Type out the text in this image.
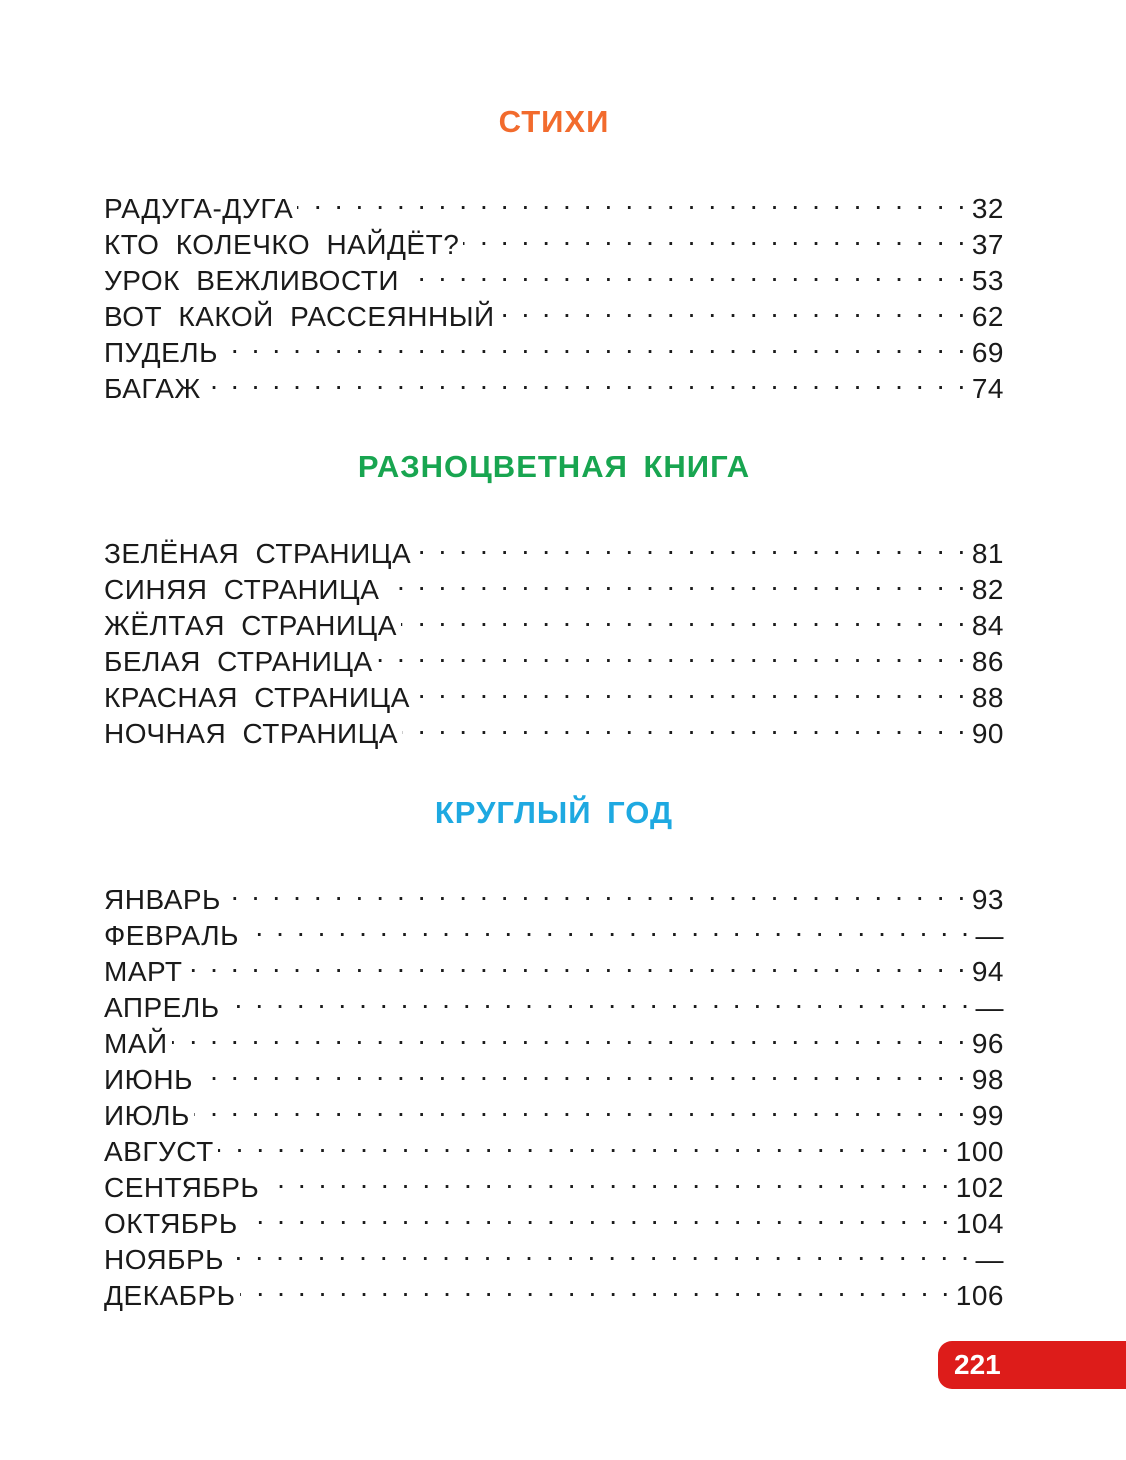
СТИХИ
РАДУГА-ДУГА . . .	32
КТО КОЛЕЧКО НАЙДЁТ? . . .	37
УРОК ВЕЖЛИВОСТИ . . .	53
ВОТ КАКОЙ РАССЕЯННЫЙ . . .	62
ПУДЕЛЬ . . .	69
БАГАЖ . . .	74
РАЗНОЦВЕТНАЯ КНИГА
ЗЕЛЁНАЯ СТРАНИЦА . . .	81
СИНЯЯ СТРАНИЦА . . .	82
ЖЁЛТАЯ СТРАНИЦА . . .	84
БЕЛАЯ СТРАНИЦА . . .	86
КРАСНАЯ СТРАНИЦА . . .	88
НОЧНАЯ СТРАНИЦА . . .	90
КРУГЛЫЙ ГОД
ЯНВАРЬ . . .	93
ФЕВРАЛЬ . . .	—
МАРТ . . .	94
АПРЕЛЬ . . .	—
МАЙ . . .	96
ИЮНЬ . . .	98
ИЮЛЬ . . .	99
АВГУСТ . . .	100
СЕНТЯБРЬ . . .	102
ОКТЯБРЬ . . .	104
НОЯБРЬ . . .	—
ДЕКАБРЬ . . .	106
221
